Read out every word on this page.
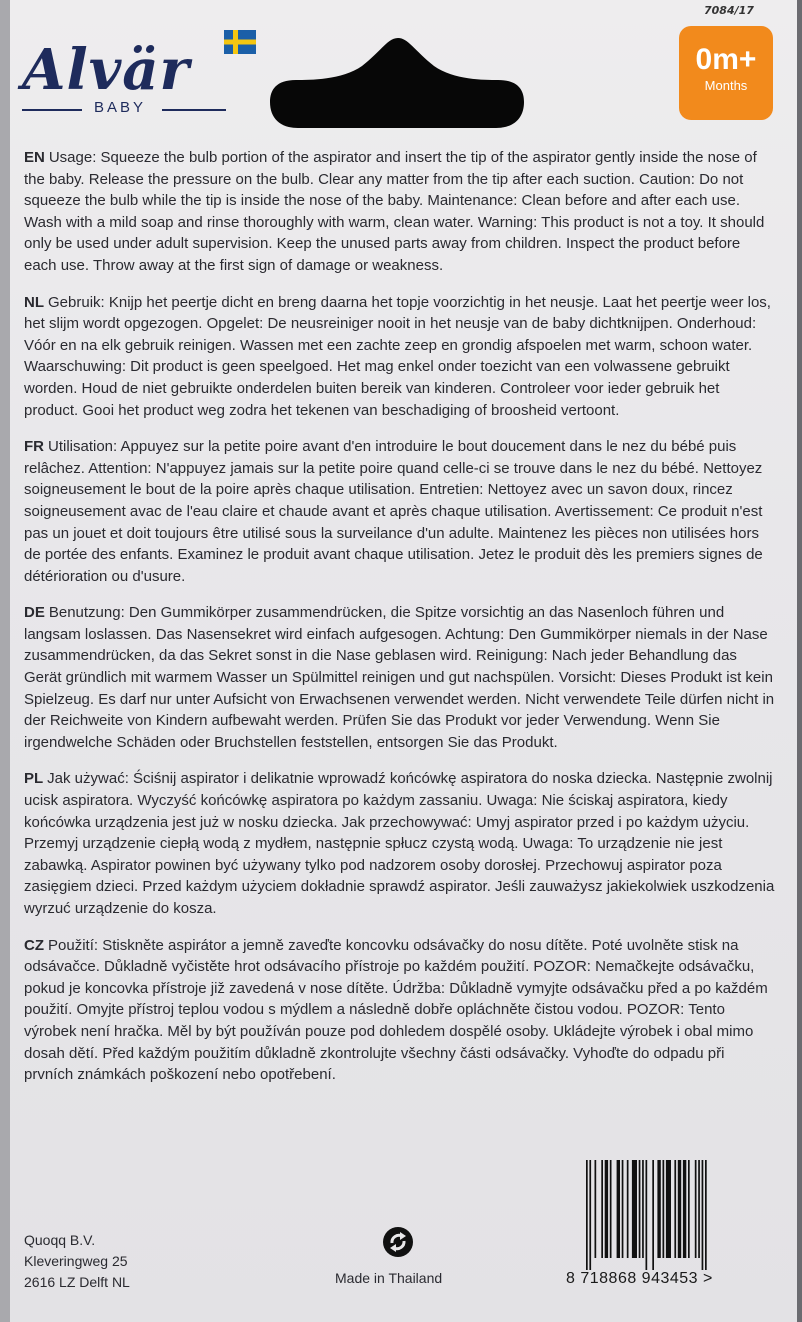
7084/17
Alvär
BABY
0m+
Months

EN Usage: Squeeze the bulb portion of the aspirator and insert the tip of the aspirator gently inside the nose of the baby. Release the pressure on the bulb. Clear any matter from the tip after each suction. Caution: Do not squeeze the bulb while the tip is inside the nose of the baby. Maintenance: Clean before and after each use. Wash with a mild soap and rinse thoroughly with warm, clean water. Warning: This product is not a toy. It should only be used under adult supervision. Keep the unused parts away from children. Inspect the product before each use. Throw away at the first sign of damage or weakness.

NL Gebruik: Knijp het peertje dicht en breng daarna het topje voorzichtig in het neusje. Laat het peertje weer los, het slijm wordt opgezogen. Opgelet: De neusreiniger nooit in het neusje van de baby dichtknijpen. Onderhoud: Vóór en na elk gebruik reinigen. Wassen met een zachte zeep en grondig afspoelen met warm, schoon water. Waarschuwing: Dit product is geen speelgoed. Het mag enkel onder toezicht van een volwassene gebruikt worden. Houd de niet gebruikte onderdelen buiten bereik van kinderen. Controleer voor ieder gebruik het product. Gooi het product weg zodra het tekenen van beschadiging of broosheid vertoont.

FR Utilisation: Appuyez sur la petite poire avant d'en introduire le bout doucement dans le nez du bébé puis relâchez. Attention: N'appuyez jamais sur la petite poire quand celle-ci se trouve dans le nez du bébé. Nettoyez soigneusement le bout de la poire après chaque utilisation. Entretien: Nettoyez avec un savon doux, rincez soigneusement avac de l'eau claire et chaude avant et après chaque utilisation. Avertissement: Ce produit n'est pas un jouet et doit toujours être utilisé sous la surveilance d'un adulte. Maintenez les pièces non utilisées hors de portée des enfants. Examinez le produit avant chaque utilisation. Jetez le produit dès les premiers signes de détérioration ou d'usure.

DE Benutzung: Den Gummikörper zusammendrücken, die Spitze vorsichtig an das Nasenloch führen und langsam loslassen. Das Nasensekret wird einfach aufgesogen. Achtung: Den Gummikörper niemals in der Nase zusammendrücken, da das Sekret sonst in die Nase geblasen wird. Reinigung: Nach jeder Behandlung das Gerät gründlich mit warmem Wasser un Spülmittel reinigen und gut nachspülen. Vorsicht: Dieses Produkt ist kein Spielzeug. Es darf nur unter Aufsicht von Erwachsenen verwendet werden. Nicht verwendete Teile dürfen nicht in der Reichweite von Kindern aufbewaht werden. Prüfen Sie das Produkt vor jeder Verwendung. Wenn Sie irgendwelche Schäden oder Bruchstellen feststellen, entsorgen Sie das Produkt.

PL Jak używać: Ściśnij aspirator i delikatnie wprowadź końcówkę aspiratora do noska dziecka. Następnie zwolnij ucisk aspiratora. Wyczyść końcówkę aspiratora po każdym zassaniu. Uwaga: Nie ściskaj aspiratora, kiedy końcówka urządzenia jest już w nosku dziecka. Jak przechowywać: Umyj aspirator przed i po każdym użyciu. Przemyj urządzenie ciepłą wodą z mydłem, następnie spłucz czystą wodą. Uwaga: To urządzenie nie jest zabawką. Aspirator powinen być używany tylko pod nadzorem osoby dorosłej. Przechowuj aspirator poza zasięgiem dzieci. Przed każdym użyciem dokładnie sprawdź aspirator. Jeśli zauważysz jakiekolwiek uszkodzenia wyrzuć urządzenie do kosza.

CZ Použití: Stiskněte aspirátor a jemně zaveďte koncovku odsávačky do nosu dítěte. Poté uvolněte stisk na odsávačce. Důkladně vyčistěte hrot odsávacího přístroje po každém použití. POZOR: Nemačkejte odsávačku, pokud je koncovka přístroje již zavedená v nose dítěte. Údržba: Důkladně vymyjte odsávačku před a po každém použití. Omyjte přístroj teplou vodou s mýdlem a následně dobře opláchněte čistou vodou. POZOR: Tento výrobek není hračka. Měl by být používán pouze pod dohledem dospělé osoby. Ukládejte výrobek i obal mimo dosah dětí. Před každým použitím důkladně zkontrolujte všechny části odsávačky. Vyhoďte do odpadu při prvních známkách poškození nebo opotřebení.

Quoqq B.V.
Kleveringweg 25
2616 LZ Delft NL	Made in Thailand	8 718868 943453 >
